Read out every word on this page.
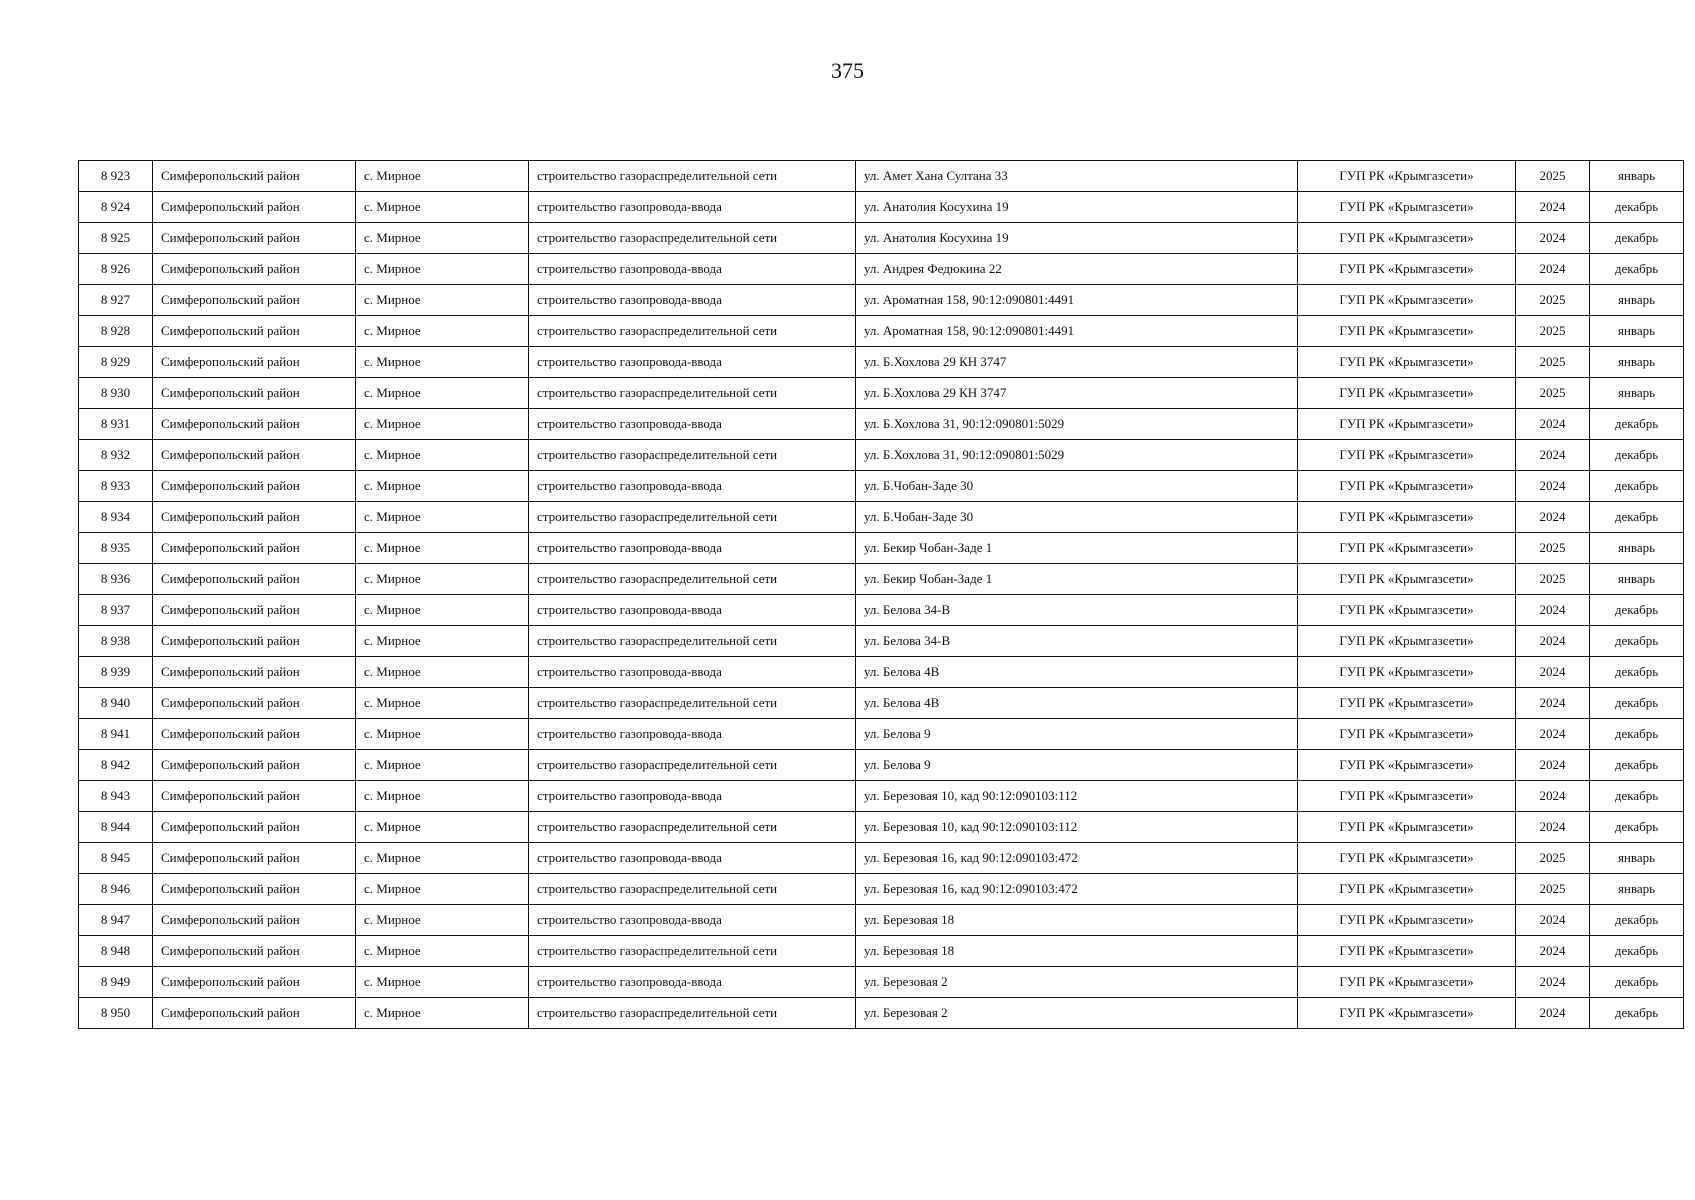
375
8 923	Симферопольский район	с. Мирное	строительство газораспределительной сети	ул. Амет Хана Султана 33	ГУП РК «Крымгазсети»	2025	январь
8 924	Симферопольский район	с. Мирное	строительство газопровода-ввода	ул. Анатолия Косухина 19	ГУП РК «Крымгазсети»	2024	декабрь
8 925	Симферопольский район	с. Мирное	строительство газораспределительной сети	ул. Анатолия Косухина 19	ГУП РК «Крымгазсети»	2024	декабрь
8 926	Симферопольский район	с. Мирное	строительство газопровода-ввода	ул. Андрея Федюкина 22	ГУП РК «Крымгазсети»	2024	декабрь
8 927	Симферопольский район	с. Мирное	строительство газопровода-ввода	ул. Ароматная 158, 90:12:090801:4491	ГУП РК «Крымгазсети»	2025	январь
8 928	Симферопольский район	с. Мирное	строительство газораспределительной сети	ул. Ароматная 158, 90:12:090801:4491	ГУП РК «Крымгазсети»	2025	январь
8 929	Симферопольский район	с. Мирное	строительство газопровода-ввода	ул. Б.Хохлова 29 КН 3747	ГУП РК «Крымгазсети»	2025	январь
8 930	Симферопольский район	с. Мирное	строительство газораспределительной сети	ул. Б.Хохлова 29 КН 3747	ГУП РК «Крымгазсети»	2025	январь
8 931	Симферопольский район	с. Мирное	строительство газопровода-ввода	ул. Б.Хохлова 31, 90:12:090801:5029	ГУП РК «Крымгазсети»	2024	декабрь
8 932	Симферопольский район	с. Мирное	строительство газораспределительной сети	ул. Б.Хохлова 31, 90:12:090801:5029	ГУП РК «Крымгазсети»	2024	декабрь
8 933	Симферопольский район	с. Мирное	строительство газопровода-ввода	ул. Б.Чобан-Заде 30	ГУП РК «Крымгазсети»	2024	декабрь
8 934	Симферопольский район	с. Мирное	строительство газораспределительной сети	ул. Б.Чобан-Заде 30	ГУП РК «Крымгазсети»	2024	декабрь
8 935	Симферопольский район	с. Мирное	строительство газопровода-ввода	ул. Бекир Чобан-Заде 1	ГУП РК «Крымгазсети»	2025	январь
8 936	Симферопольский район	с. Мирное	строительство газораспределительной сети	ул. Бекир Чобан-Заде 1	ГУП РК «Крымгазсети»	2025	январь
8 937	Симферопольский район	с. Мирное	строительство газопровода-ввода	ул. Белова 34-В	ГУП РК «Крымгазсети»	2024	декабрь
8 938	Симферопольский район	с. Мирное	строительство газораспределительной сети	ул. Белова 34-В	ГУП РК «Крымгазсети»	2024	декабрь
8 939	Симферопольский район	с. Мирное	строительство газопровода-ввода	ул. Белова 4В	ГУП РК «Крымгазсети»	2024	декабрь
8 940	Симферопольский район	с. Мирное	строительство газораспределительной сети	ул. Белова 4В	ГУП РК «Крымгазсети»	2024	декабрь
8 941	Симферопольский район	с. Мирное	строительство газопровода-ввода	ул. Белова 9	ГУП РК «Крымгазсети»	2024	декабрь
8 942	Симферопольский район	с. Мирное	строительство газораспределительной сети	ул. Белова 9	ГУП РК «Крымгазсети»	2024	декабрь
8 943	Симферопольский район	с. Мирное	строительство газопровода-ввода	ул. Березовая 10, кад 90:12:090103:112	ГУП РК «Крымгазсети»	2024	декабрь
8 944	Симферопольский район	с. Мирное	строительство газораспределительной сети	ул. Березовая 10, кад 90:12:090103:112	ГУП РК «Крымгазсети»	2024	декабрь
8 945	Симферопольский район	с. Мирное	строительство газопровода-ввода	ул. Березовая 16, кад 90:12:090103:472	ГУП РК «Крымгазсети»	2025	январь
8 946	Симферопольский район	с. Мирное	строительство газораспределительной сети	ул. Березовая 16, кад 90:12:090103:472	ГУП РК «Крымгазсети»	2025	январь
8 947	Симферопольский район	с. Мирное	строительство газопровода-ввода	ул. Березовая 18	ГУП РК «Крымгазсети»	2024	декабрь
8 948	Симферопольский район	с. Мирное	строительство газораспределительной сети	ул. Березовая 18	ГУП РК «Крымгазсети»	2024	декабрь
8 949	Симферопольский район	с. Мирное	строительство газопровода-ввода	ул. Березовая 2	ГУП РК «Крымгазсети»	2024	декабрь
8 950	Симферопольский район	с. Мирное	строительство газораспределительной сети	ул. Березовая 2	ГУП РК «Крымгазсети»	2024	декабрь
